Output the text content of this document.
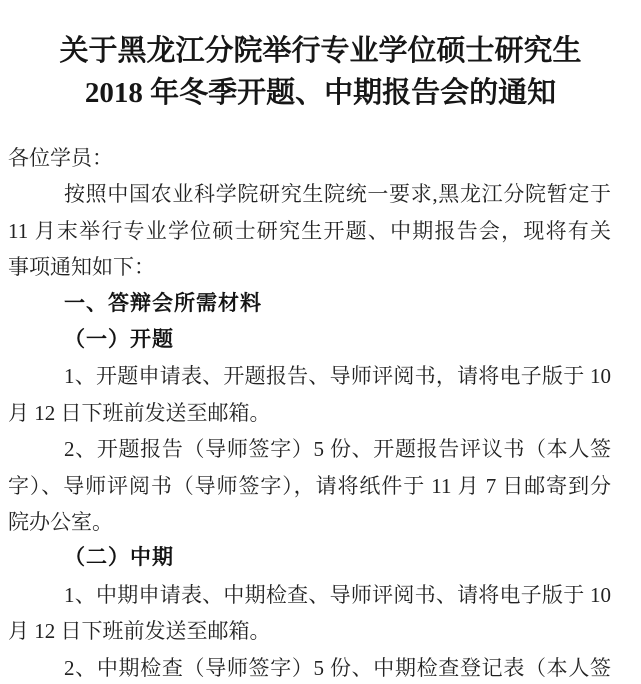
关于黑龙江分院举行专业学位硕士研究生
2018 年冬季开题、中期报告会的通知
各位学员：
按照中国农业科学院研究生院统一要求,黑龙江分院暂定于
11 月末举行专业学位硕士研究生开题、中期报告会，现将有关
事项通知如下：
一、答辩会所需材料
（一）开题
1、开题申请表、开题报告、导师评阅书，请将电子版于 10
月 12 日下班前发送至邮箱。
2、开题报告（导师签字）5 份、开题报告评议书（本人签
字）、导师评阅书（导师签字），请将纸件于 11 月 7 日邮寄到分
院办公室。
（二）中期
1、中期申请表、中期检查、导师评阅书、请将电子版于 10
月 12 日下班前发送至邮箱。
2、中期检查（导师签字）5 份、中期检查登记表（本人签
